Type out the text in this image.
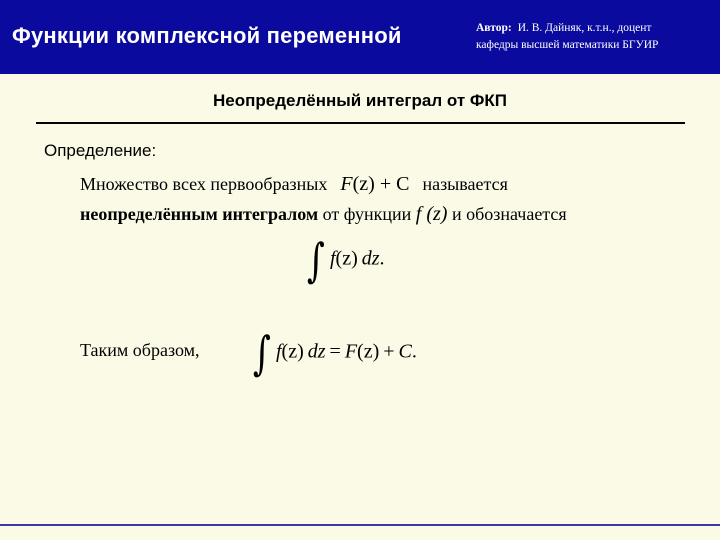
Функции комплексной переменной	Автор: И. В. Дайняк, к.т.н., доцент
кафедры высшей математики БГУИР
Неопределённый интеграл от ФКП
Определение:
Множество всех первообразных F(z) + C называется
неопределённым интегралом от функции f (z) и обозначается
∫ f(z) dz.
Таким образом, ∫ f(z) dz = F(z) + C.
